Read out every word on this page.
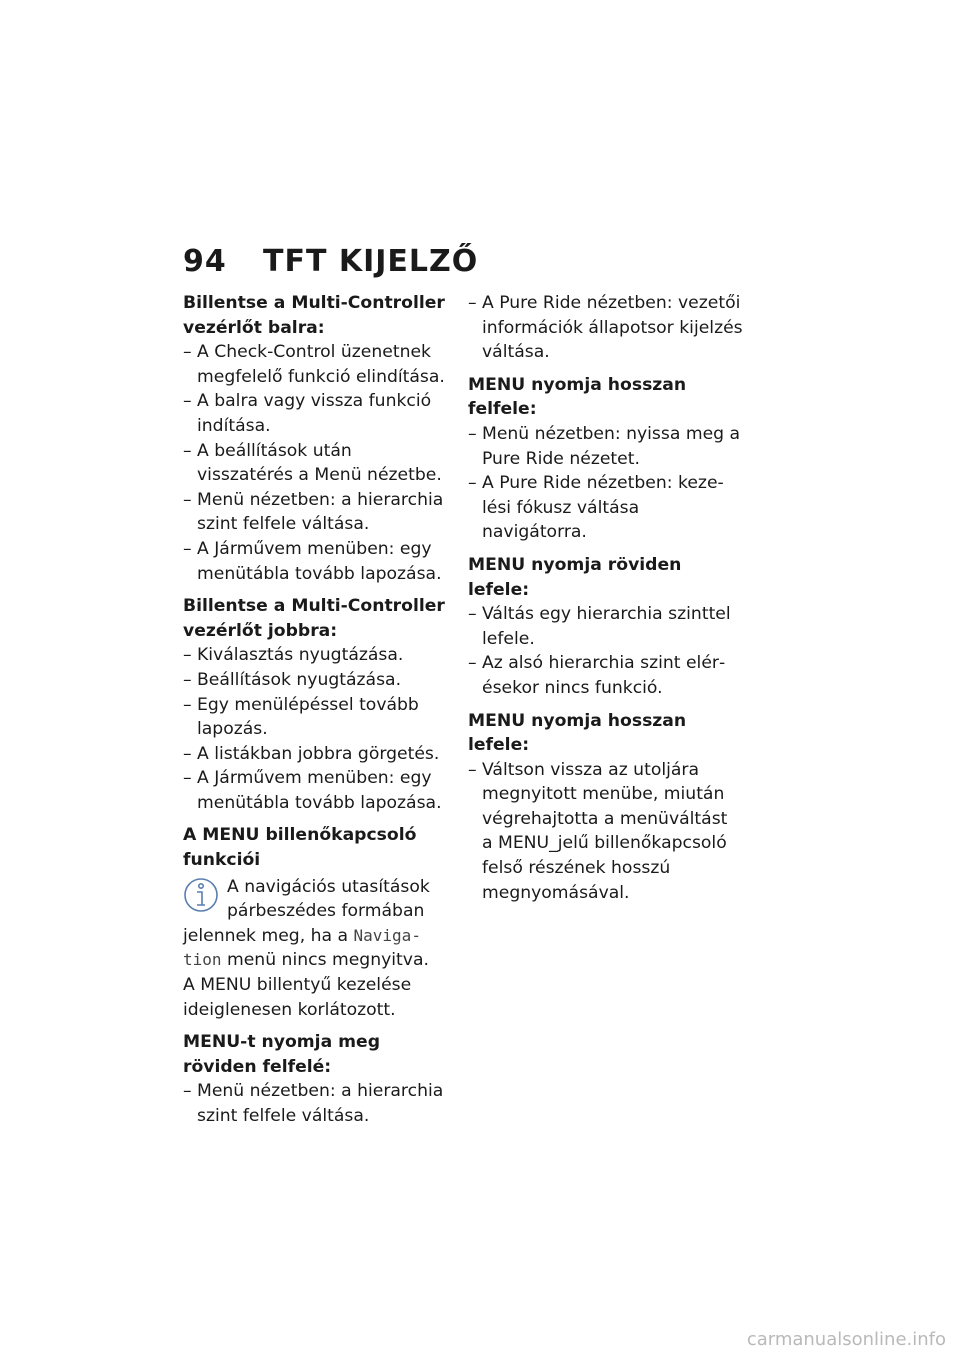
94 TFT KIJELZŐ

Billentse a Multi-Controller vezérlőt balra:

– A Check-Control üzenetnek megfelelő funkció elindítása.
– A balra vagy vissza funkció indítása.
– A beállítások után visszatérés a Menü nézetbe.
– Menü nézetben: a hierarchia szint felfele váltása.
– A Járművem menüben: egy menütábla tovább lapozása.

Billentse a Multi-Controller vezérlőt jobbra:

– Kiválasztás nyugtázása.
– Beállítások nyugtázása.
– Egy menülépéssel tovább lapozás.
– A listákban jobbra görgetés.
– A Járművem menüben: egy menütábla tovább lapozása.

A MENU billenőkapcsoló funkciói

A navigációs utasítások párbeszédes formában jelennek meg, ha a Navigation menü nincs megnyitva. A MENU billentyű kezelése ideiglenesen korlátozott.

MENU-t nyomja meg röviden felfelé:

– Menü nézetben: a hierarchia szint felfele váltása.
– A Pure Ride nézetben: vezetői információk állapotsor kijelzés váltása.

MENU nyomja hosszan felfele:

– Menü nézetben: nyissa meg a Pure Ride nézetet.
– A Pure Ride nézetben: kezelési fókusz váltása navigátorra.

MENU nyomja röviden lefele:

– Váltás egy hierarchia szinttel lefele.
– Az alsó hierarchia szint elérésekor nincs funkció.

MENU nyomja hosszan lefele:

– Váltson vissza az utoljára megnyitott menübe, miután végrehajtotta a menüváltást a MENU_jelű billenőkapcsoló felső részének hosszú megnyomásával.
carmanualsonline.info
